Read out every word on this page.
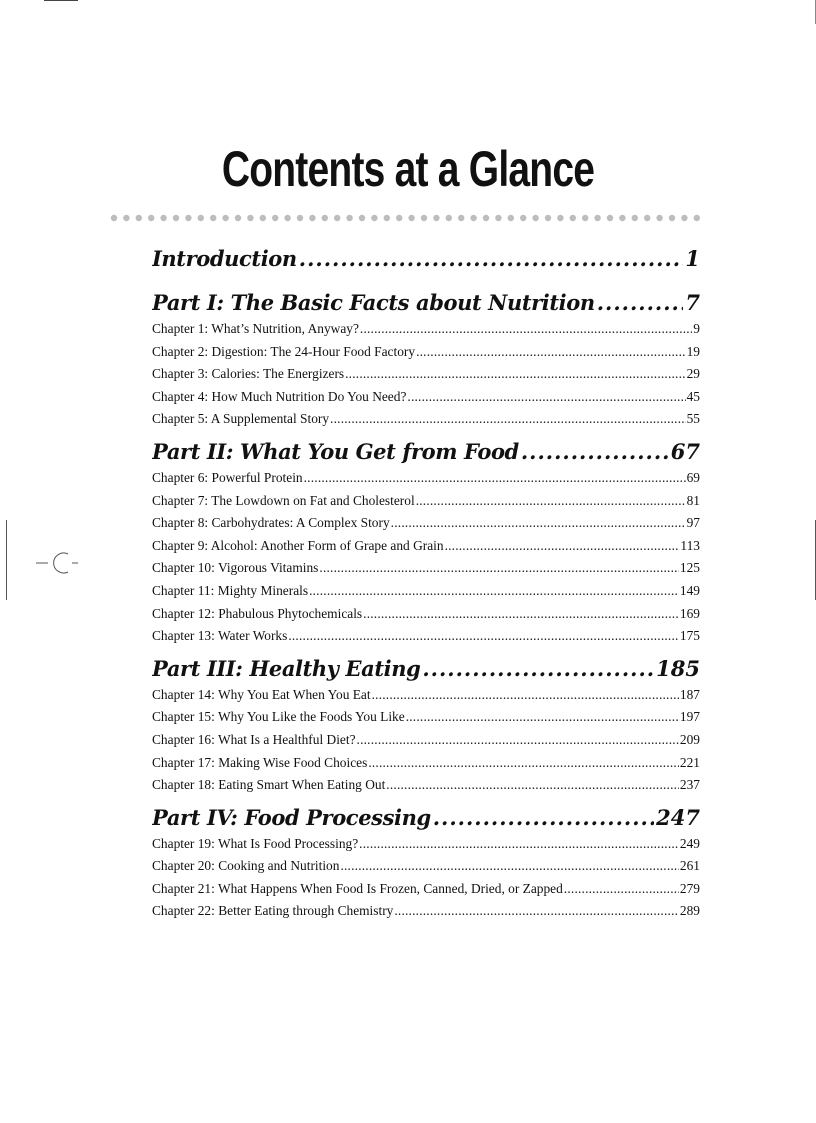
Contents at a Glance
Introduction .....	1
Part I: The Basic Facts about Nutrition .....	7
Chapter 1: What’s Nutrition, Anyway? .....	9
Chapter 2: Digestion: The 24-Hour Food Factory .....	19
Chapter 3: Calories: The Energizers .....	29
Chapter 4: How Much Nutrition Do You Need? .....	45
Chapter 5: A Supplemental Story .....	55
Part II: What You Get from Food .....	67
Chapter 6: Powerful Protein .....	69
Chapter 7: The Lowdown on Fat and Cholesterol .....	81
Chapter 8: Carbohydrates: A Complex Story .....	97
Chapter 9: Alcohol: Another Form of Grape and Grain .....	113
Chapter 10: Vigorous Vitamins .....	125
Chapter 11: Mighty Minerals .....	149
Chapter 12: Phabulous Phytochemicals .....	169
Chapter 13: Water Works .....	175
Part III: Healthy Eating .....	185
Chapter 14: Why You Eat When You Eat .....	187
Chapter 15: Why You Like the Foods You Like .....	197
Chapter 16: What Is a Healthful Diet? .....	209
Chapter 17: Making Wise Food Choices .....	221
Chapter 18: Eating Smart When Eating Out .....	237
Part IV: Food Processing .....	247
Chapter 19: What Is Food Processing? .....	249
Chapter 20: Cooking and Nutrition .....	261
Chapter 21: What Happens When Food Is Frozen, Canned, Dried, or Zapped .....	279
Chapter 22: Better Eating through Chemistry .....	289
